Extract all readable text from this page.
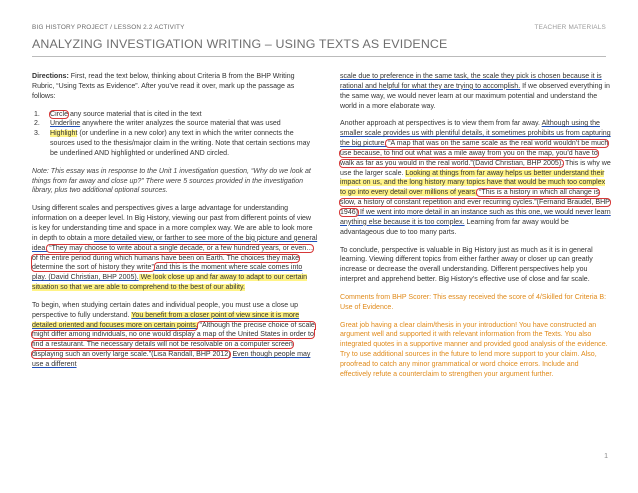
BIG HISTORY PROJECT / LESSON 2.2 ACTIVITY	TEACHER MATERIALS
ANALYZING INVESTIGATION WRITING – USING TEXTS AS EVIDENCE

Directions: First, read the text below, thinking about Criteria B from the BHP Writing Rubric, “Using Texts as Evidence”. After you’ve read it over, mark up the passage as follows:

1. Circle any source material that is cited in the text
2. Underline anywhere the writer analyzes the source material that was used
3. Highlight (or underline in a new color) any text in which the writer connects the sources used to the thesis/major claim in the writing. Note that certain sections may be underlined AND highlighted or underlined AND circled.

Note: This essay was in response to the Unit 1 investigation question, “Why do we look at things from far away and close up?” There were 5 sources provided in the investigation library, plus two additional optional sources.

Using different scales and perspectives gives a large advantage for understanding information on a deeper level. In Big History, viewing our past from different points of view is key for understanding time and space in a more complex way. We are able to look more in depth to obtain a more detailed view, or farther to see more of the big picture and general idea. “They may choose to write about a single decade, or a few hundred years, or even…of the entire period during which humans have been on Earth. The choices they make determine the sort of history they write” and this is the moment where scale comes into play. (David Christian, BHP 2005). We look close up and far away to adapt to our certain situation so that we are able to comprehend to the best of our ability.

To begin, when studying certain dates and individual people, you must use a close up perspective to fully understand. You benefit from a closer point of view since it is more detailed oriented and focuses more on certain points. “Although the precise choice of scale might differ among individuals, no one would display a map of the United States in order to find a restaurant. The necessary details will not be resolvable on a computer screen displaying such an overly large scale.”(Lisa Randall, BHP 2012) Even though people may use a different

scale due to preference in the same task, the scale they pick is chosen because it is rational and helpful for what they are trying to accomplish. If we observed everything in the same way, we would never learn at our maximum potential and understand the world in a more elaborate way.

Another approach at perspectives is to view them from far away. Although using the smaller scale provides us with plentiful details, it sometimes prohibits us from capturing the big picture. “A map that was on the same scale as the real world wouldn’t be much use because, to find out what was a mile away from you on the map, you’d have to walk as far as you would in the real world.”(David Christian, BHP 2005). This is why we use the larger scale. Looking at things from far away helps us better understand their impact on us, and the long history many topics have that would be much too complex to go into every detail over millions of years. “This is a history in which all change is slow, a history of constant repetition and ever recurring cycles.”(Fernand Braudel, BHP 1946) If we went into more detail in an instance such as this one, we would never learn anything else because it is too complex. Learning from far away would be advantageous due to too many parts.

To conclude, perspective is valuable in Big History just as much as it is in general learning. Viewing different topics from either farther away or closer up can greatly increase or decrease the overall understanding. Different perspectives help you interpret and apprehend better. Big History’s effective use of close and far scale.

Comments from BHP Scorer: This essay received the score of 4/Skilled for Criteria B: Use of Evidence.

Great job having a clear claim/thesis in your introduction! You have constructed an argument well and supported it with relevant information from the Texts. You also integrated quotes in a supportive manner and provided good analysis of the evidence. Try to use additional sources in the future to lend more support to your claim. Also, proofread to catch any minor grammatical or word choice errors. Include and effectively refute a counterclaim to strengthen your argument further.

1
